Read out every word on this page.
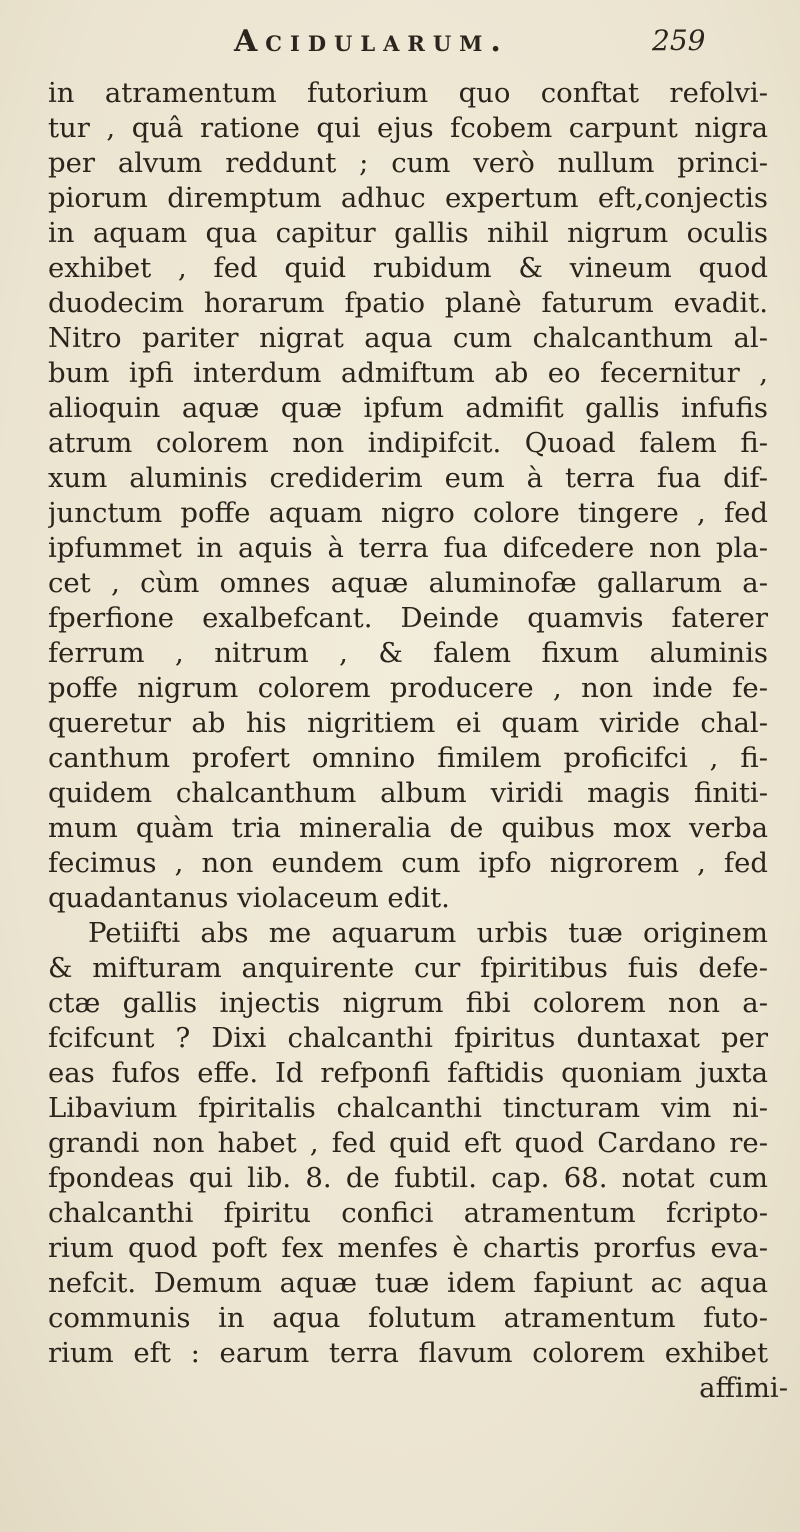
Acidularum.	259
in atramentum futorium quo conftat refolvi-
tur , quâ ratione qui ejus fcobem carpunt nigra
per alvum reddunt ; cum verò nullum princi-
piorum diremptum adhuc expertum eft,conjectis
in aquam qua capitur gallis nihil nigrum oculis
exhibet , fed quid rubidum & vineum quod
duodecim horarum fpatio planè faturum evadit.
Nitro pariter nigrat aqua cum chalcanthum al-
bum ipfi interdum admiftum ab eo fecernitur ,
alioquin aquæ quæ ipfum admifit gallis infufis
atrum colorem non indipifcit. Quoad falem fi-
xum aluminis crediderim eum à terra fua dif-
junctum poffe aquam nigro colore tingere , fed
ipfummet in aquis à terra fua difcedere non pla-
cet , cùm omnes aquæ aluminofæ gallarum a-
fperfione exalbefcant. Deinde quamvis faterer
ferrum , nitrum , & falem fixum aluminis
poffe nigrum colorem producere , non inde fe-
queretur ab his nigritiem ei quam viride chal-
canthum profert omnino fimilem proficifci , fi-
quidem chalcanthum album viridi magis finiti-
mum quàm tria mineralia de quibus mox verba
fecimus , non eundem cum ipfo nigrorem , fed
quadantanus violaceum edit.
Petiifti abs me aquarum urbis tuæ originem
& mifturam anquirente cur fpiritibus fuis defe-
ctæ gallis injectis nigrum fibi colorem non a-
fcifcunt ? Dixi chalcanthi fpiritus duntaxat per
eas fufos effe. Id refponfi faftidis quoniam juxta
Libavium fpiritalis chalcanthi tincturam vim ni-
grandi non habet , fed quid eft quod Cardano re-
fpondeas qui lib. 8. de fubtil. cap. 68. notat cum
chalcanthi fpiritu confici atramentum fcripto-
rium quod poft fex menfes è chartis prorfus eva-
nefcit. Demum aquæ tuæ idem fapiunt ac aqua
communis in aqua folutum atramentum futo-
rium eft : earum terra flavum colorem exhibet
affimi-
